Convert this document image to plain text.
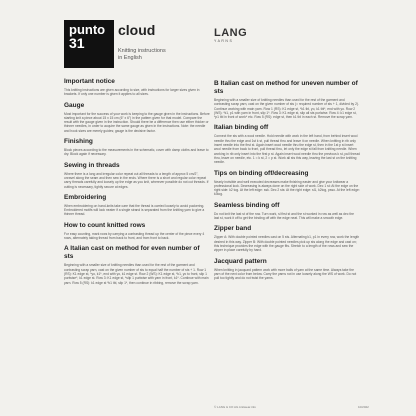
punto
31
cloud
Knitting instructions
in English
LANG
YARNS
Important notice
This knitting instructions are given according to size, with instructions for larger sizes given in brackets. If only one number is given it applies to all sizes.
Gauge
Most important for the success of your work is keeping to the gauge given in the instructions. Before starting knit a piece about 15 x 15 cm (6" x 6") in the pattern given for that model. Compare the result with the gauge given in the instruction. Should there be a difference then use either thicker or thinner needles, in order to acquire the same gauge as given in the instructions. Note: the needle and hook sizes are merely guides; gauge is the decisive factor.
Finishing
Block pieces according to the measurements in the schematic, cover with damp cloths and leave to dry. Block again if necessary.
Sewing in threads
Where there is a long and irregular color repeat cut all threads to a length of approx 5 cm/2", unravel along the seam and then sew in the ends. Where there is a short and regular color repeat carry threads carefully and loosely up the edge as you knit, wherever possible do not cut threads. If cutting is necessary, tightly secure at edges.
Embroidering
When embroidering on hand-knits take care that the thread is carried loosely to avoid puckering. Embroidered motifs will look neater if a single strand is separated from the knitting yarn to give a thinner thread.
How to count knitted rows
For easy counting, mark rows by carrying a contrasting thread up the center of the piece every 4 rows, alternately taking thread from back to front, and from front to back.
A Italian cast on method for even number of sts
Beginning with a smaller size of knitting needles than used for the rest of the garment and contrasting scrap yarn, cast on the given number of sts to equal half the number of sts + 1. Row 1 (RS): K1 edge st, *yo, k1*, end with yo, k1 edge st. Row 2 (WS): K1 edge st, *k1, yo to front, slip 1 purlwise*, k1 edge st. Row 3: K1 edge st, *slip 1 purlwise with yarn in front, k1*. Continue with main yarn. Row 5 (RS): k1 edge st *k1 tbl, slip 1*, then continue in ribbing, remove the scrap yarn.
B Italian cast on method for uneven number of sts
Beginning with a smaller size of knitting needles than used for the rest of the garment and contrasting scrap yarn, cast on the given number of sts (= required number of sts + 1, divided by 2). Continue working with main yarn. Row 1 (RS): K1 edge st, *k1 tbl, yo, k1 tbl*, end with yo. Row 2 (WS): *k1, p1 with yarn in front, slip 1*. Row 3: K1 edge st, slip all sts purlwise. Row 4: k1 edge st, *p1 tbl in front of work* etc. Row 5 (RS): edge st, then k1 tbl in each st. Remove the scrap yarn.
Italian binding off
Connect the sts with a wool needle. Hold needle with work in the left hand, from behind insert wool needle thru the edge and 1st k st, pull thread thru and leave it on needle. When knitting in rib only insert needle into the first st. Again insert wool needle thru the edge st, then in the 1st p st insert wool needle from back to front, pull thread thru, let only the edge st fall from knitting needle. When working in rib only insert into the first p st. Again insert wool needle thru the previous k st, pull thread thru, leave on needle, etc. 1 = k st, 2 = p st. Work all sts this way, leaving the last st on the knitting needle.
Tips on binding off/decreasing
Nearly invisible and well executed decreases make finishing easier and give your knitwear a professional look. Decreasing is always done on the right side of work. Dec 1 st: At the edge on the right side: k2 tog. At the left edge: ssk. Dec 2 sts: At the right edge: sl1, k2tog, psso. At the left edge: k3tog.
Seamless binding off
Do not knit the last st of the row. Turn work, sl first st and the st worked in row as well as dec the last st, work it off to get the binding off with the edge neat. This will make a smooth edge.
Zipper band
Zipper A: With double pointed needles cast on 5 sts. Alternating k1, p1 in every row, work the length desired in this way. Zipper B: With double pointed needles pick up sts along the edge and cast on; this technique provides the edge with the gauge fits. Stretch to a length of the rows and sew the zipper in place carefully by hand.
Jacquard pattern
When knitting in jacquard pattern work with more balls of yarn at the same time. Always take the yarn of the next color from below. Carry the yarns not in use loosely along the WS of work. Do not pull too tightly and do not twist the yarns.
© LANG & CO AG knitwear.info	10/2022
